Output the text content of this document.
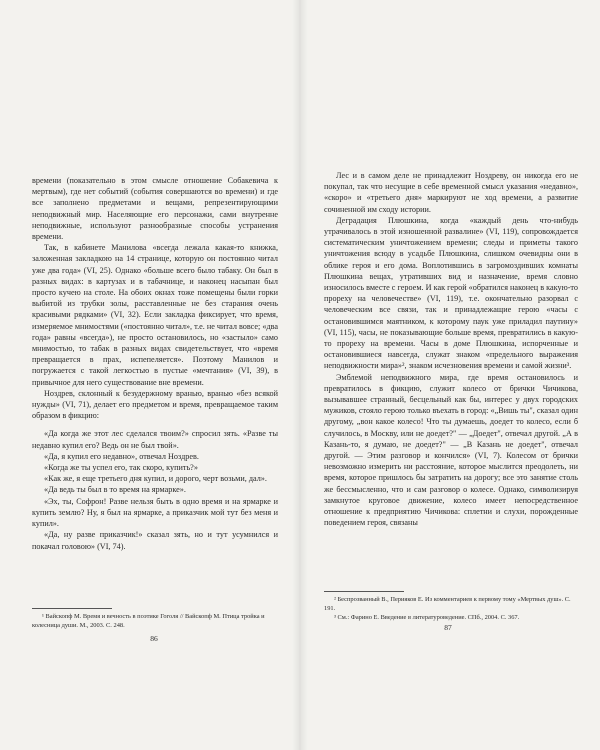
времени (показательно в этом смысле отношение Собакевича к мертвым), где нет событий (события совершаются во времени) и где все заполнено предметами и вещами, репрезентирующими неподвижный мир. Населяющие его персонажи, сами внутренне неподвижные, используют разнообразные способы устранения времени.

Так, в кабинете Манилова «всегда лежала какая-то книжка, заложенная закладкою на 14 странице, которую он постоянно читал уже два года» (VI, 25). Однако «больше всего было табаку. Он был в разных видах: в картузах и в табачнице, и наконец насыпан был просто кучею на столе. На обоих окнах тоже помещены были горки выбитой из трубки золы, расставленные не без старания очень красивыми рядками» (VI, 32). Если закладка фиксирует, что время, измеряемое мнимостями («постоянно читал», т.е. не читал вовсе; «два года» равны «всегда»), не просто остановилось, но «застыло» само мнимостью, то табак в разных видах свидетельствует, что «время превращается в прах, испепеляется». Поэтому Манилов и погружается с такой легкостью в пустые «мечтания» (VI, 39), в привычное для него существование вне времени.

Ноздрев, склонный к безудержному вранью, вранью «без всякой нужды» (VI, 71), делает его предметом и время, превращаемое таким образом в фикцию:

«Да когда же этот лес сделался твоим?» спросил зять. «Разве ты недавно купил его? Ведь он не был твой».

«Да, я купил его недавно», отвечал Ноздрев.

«Когда же ты успел его, так скоро, купить?»

«Как же, я еще третьего дня купил, и дорого, черт возьми, дал».

«Да ведь ты был в то время на ярмарке».

«Эх, ты, Софрон! Разве нельзя быть в одно время и на ярмарке и купить землю? Ну, я был на ярмарке, а приказчик мой тут без меня и купил».

«Да, ну разве приказчик!» сказал зять, но и тут усумнился и покачал головою» (VI, 74).

¹ Вайскопф М. Время и вечность в поэтике Гоголя // Вайскопф М. Птица тройка и колесница души. М., 2003. С. 248.

86

Лес и в самом деле не принадлежит Ноздреву, он никогда его не покупал, так что несущие в себе временной смысл указания «недавно», «скоро» и «третьего дня» маркируют не ход времени, а развитие сочиненной им сходу истории.

Деградация Плюшкина, когда «каждый день что-нибудь утрачивалось в этой изношенной развалине» (VI, 119), сопровождается систематическим уничтожением времени; следы и приметы такого уничтожения всюду в усадьбе Плюшкина, слишком очевидны они в облике героя и его дома. Воплотившись в загромоздивших комнаты Плюшкина вещах, утративших вид и назначение, время словно износилось вместе с героем. И как герой «обратился наконец в какую-то прореху на человечестве» (VI, 119), т.е. окончательно разорвал с человеческим все связи, так и принадлежащие герою «часы с остановившимся маятником, к которому паук уже приладил паутину» (VI, 115), часы, не показывающие больше время, превратились в какую-то прореху на времени. Часы в доме Плюшкина, испорченные и остановившиеся навсегда, служат знаком «предельного выражения неподвижности мира»², знаком исчезновения времени и самой жизни³.

Эмблемой неподвижного мира, где время остановилось и превратилось в фикцию, служит колесо от брички Чичикова, вызывавшее странный, бесцельный как бы, интерес у двух городских мужиков, стояло герою только въехать в город: «„Вишь ты", сказал один другому, „вон какое колесо! Что ты думаешь, доедет то колесо, если б случилось, в Москву, или не доедет?" — „Доедет", отвечал другой. „А в Казань-то, я думаю, не доедет?" — „В Казань не доедет", отвечал другой. — Этим разговор и кончился» (VI, 7). Колесом от брички невозможно измерить ни расстояние, которое мыслится преодолеть, ни время, которое пришлось бы затратить на дорогу; все это занятие столь же бессмысленно, что и сам разговор о колесе. Однако, символизируя замкнутое круговое движение, колесо имеет непосредственное отношение к предприятию Чичикова: сплетни и слухи, порожденные поведением героя, связаны

² Беспрозванный В., Перияков Е. Из комментариев к первому тому «Мертвых душ». С. 191.

³ См.: Фарино Е. Введение в литературоведение. СПб., 2004. С. 367.

87
